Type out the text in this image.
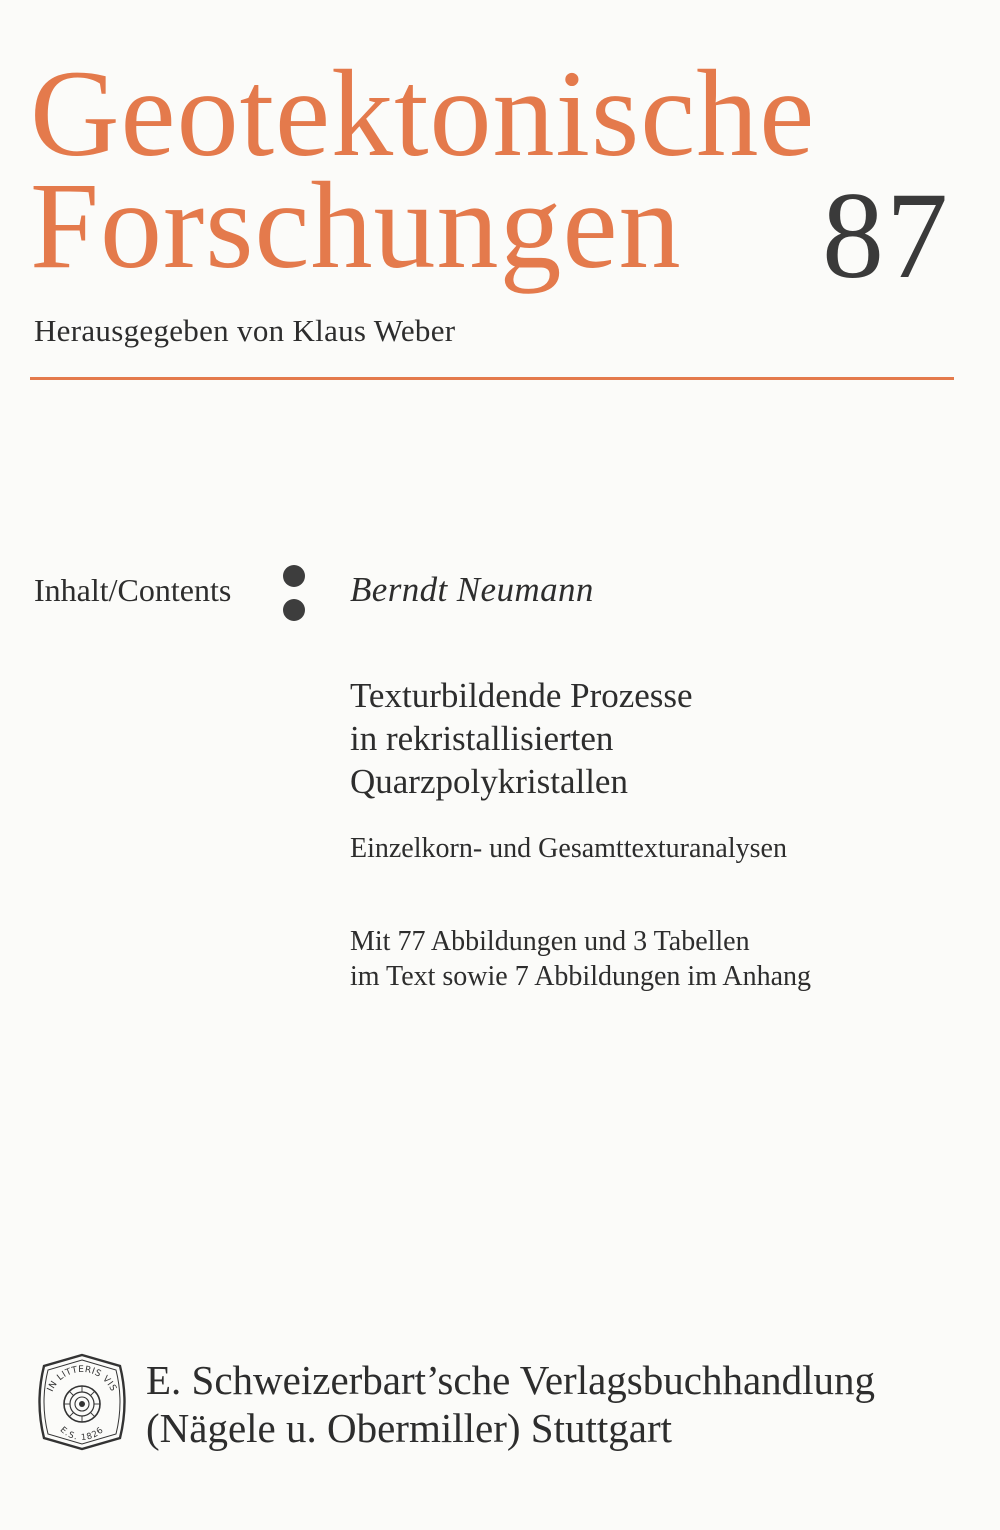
Geotektonische
Forschungen	87
Herausgegeben von Klaus Weber
Inhalt/Contents	Berndt Neumann
Texturbildende Prozesse
in rekristallisierten
Quarzpolykristallen
Einzelkorn- und Gesamttexturanalysen
Mit 77 Abbildungen und 3 Tabellen
im Text sowie 7 Abbildungen im Anhang
IN LITTERIS VIS
E.S. 1826
E. Schweizerbart’sche Verlagsbuchhandlung
(Nägele u. Obermiller) Stuttgart
